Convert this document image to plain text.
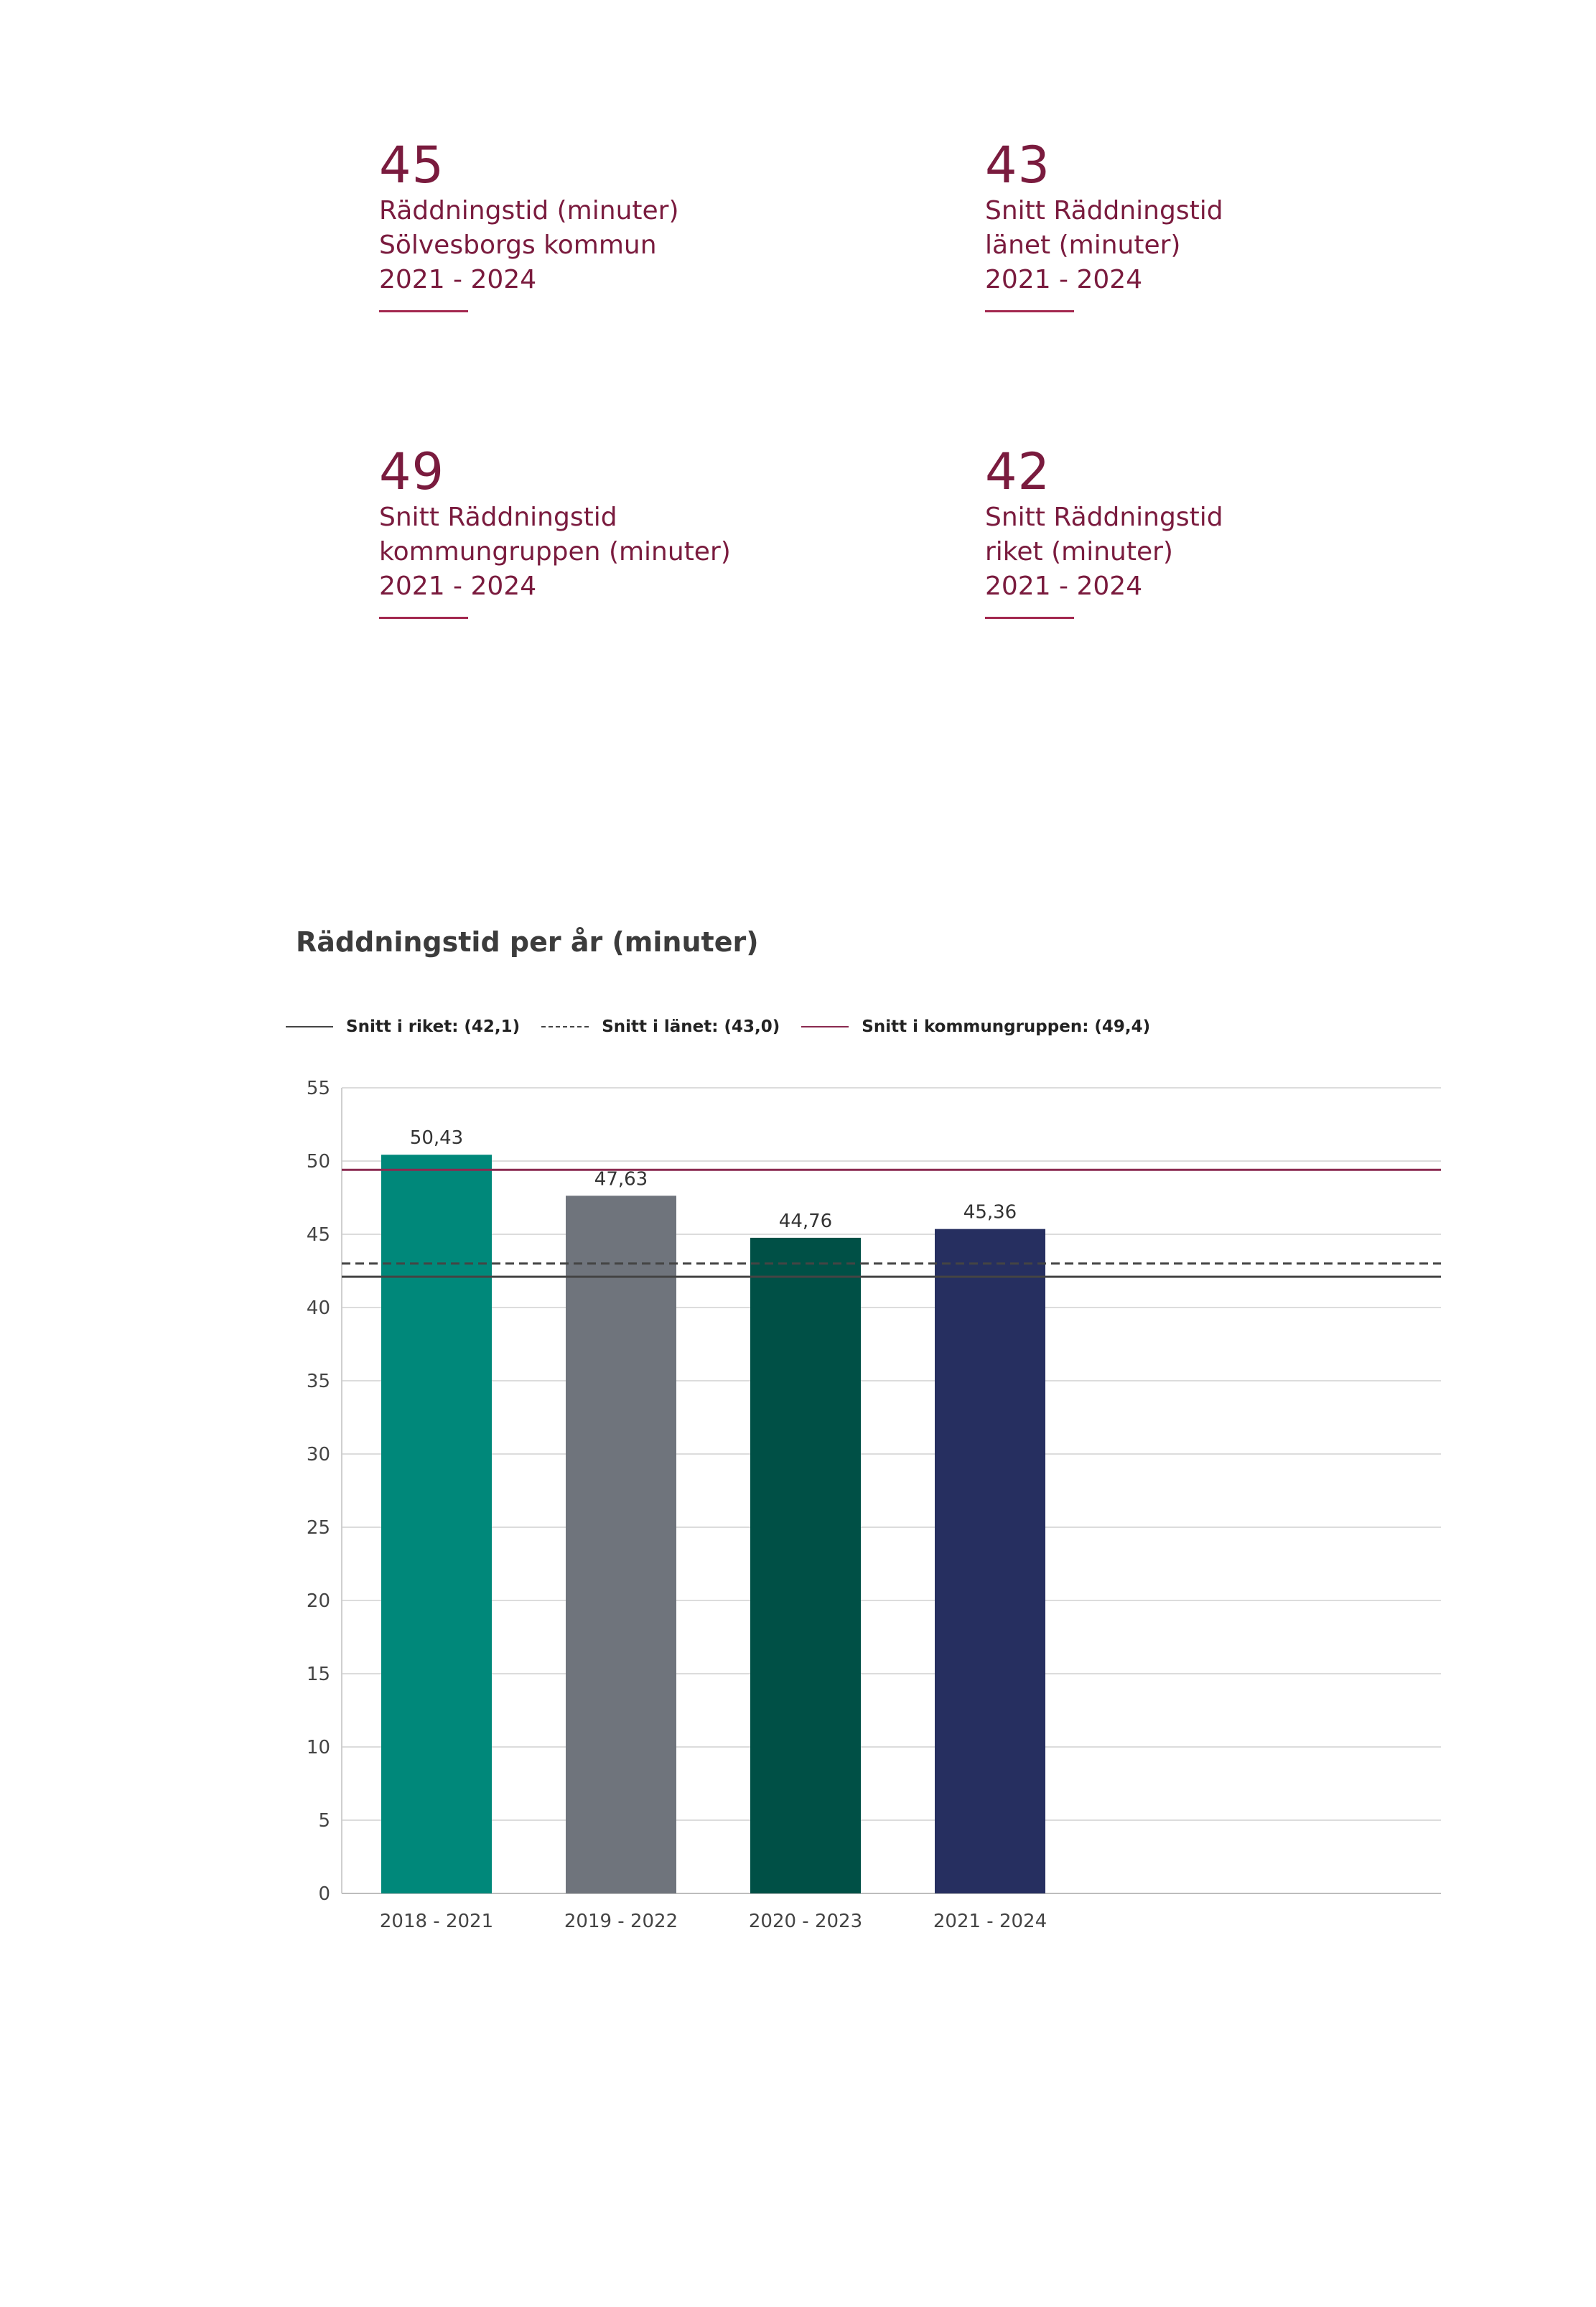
45
Räddningstid (minuter)
Sölvesborgs kommun
2021 - 2024
43
Snitt Räddningstid
länet (minuter)
2021 - 2024
49
Snitt Räddningstid
kommungruppen (minuter)
2021 - 2024
42
Snitt Räddningstid
riket (minuter)
2021 - 2024
Räddningstid per år (minuter)
Snitt i riket: (42,1)	Snitt i länet: (43,0)	Snitt i kommungruppen: (49,4)
0
5
10
15
20
25
30
35
40
45
50
55
50,43
2018 - 2021
47,63
2019 - 2022
44,76
2020 - 2023
45,36
2021 - 2024
